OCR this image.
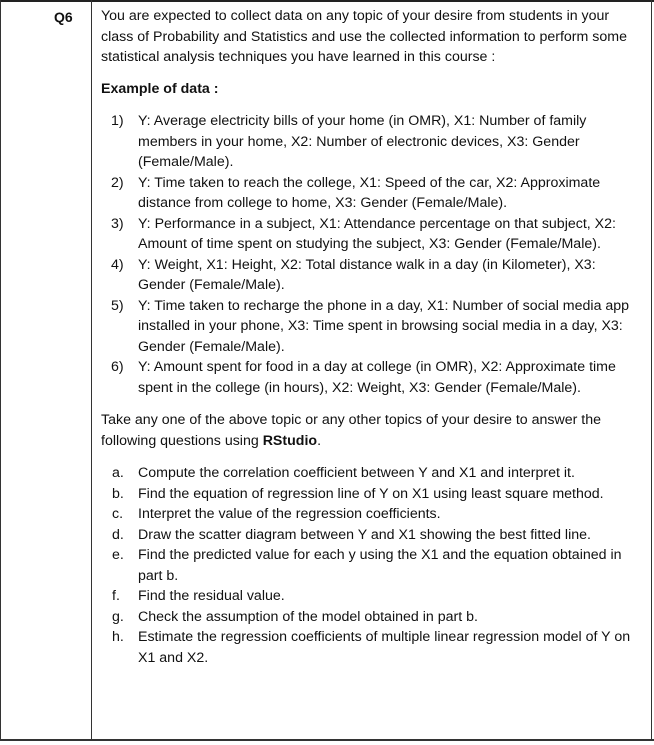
Q6 You are expected to collect data on any topic of your desire from students in your class of Probability and Statistics and use the collected information to perform some statistical analysis techniques you have learned in this course :

Example of data :

1) Y: Average electricity bills of your home (in OMR), X1: Number of family members in your home, X2: Number of electronic devices, X3: Gender (Female/Male).
2) Y: Time taken to reach the college, X1: Speed of the car, X2: Approximate distance from college to home, X3: Gender (Female/Male).
3) Y: Performance in a subject, X1: Attendance percentage on that subject, X2: Amount of time spent on studying the subject, X3: Gender (Female/Male).
4) Y: Weight, X1: Height, X2: Total distance walk in a day (in Kilometer), X3: Gender (Female/Male).
5) Y: Time taken to recharge the phone in a day, X1: Number of social media app installed in your phone, X3: Time spent in browsing social media in a day, X3: Gender (Female/Male).
6) Y: Amount spent for food in a day at college (in OMR), X2: Approximate time spent in the college (in hours), X2: Weight, X3: Gender (Female/Male).

Take any one of the above topic or any other topics of your desire to answer the following questions using RStudio.

a. Compute the correlation coefficient between Y and X1 and interpret it.
b. Find the equation of regression line of Y on X1 using least square method.
c. Interpret the value of the regression coefficients.
d. Draw the scatter diagram between Y and X1 showing the best fitted line.
e. Find the predicted value for each y using the X1 and the equation obtained in part b.
f. Find the residual value.
g. Check the assumption of the model obtained in part b.
h. Estimate the regression coefficients of multiple linear regression model of Y on X1 and X2.
